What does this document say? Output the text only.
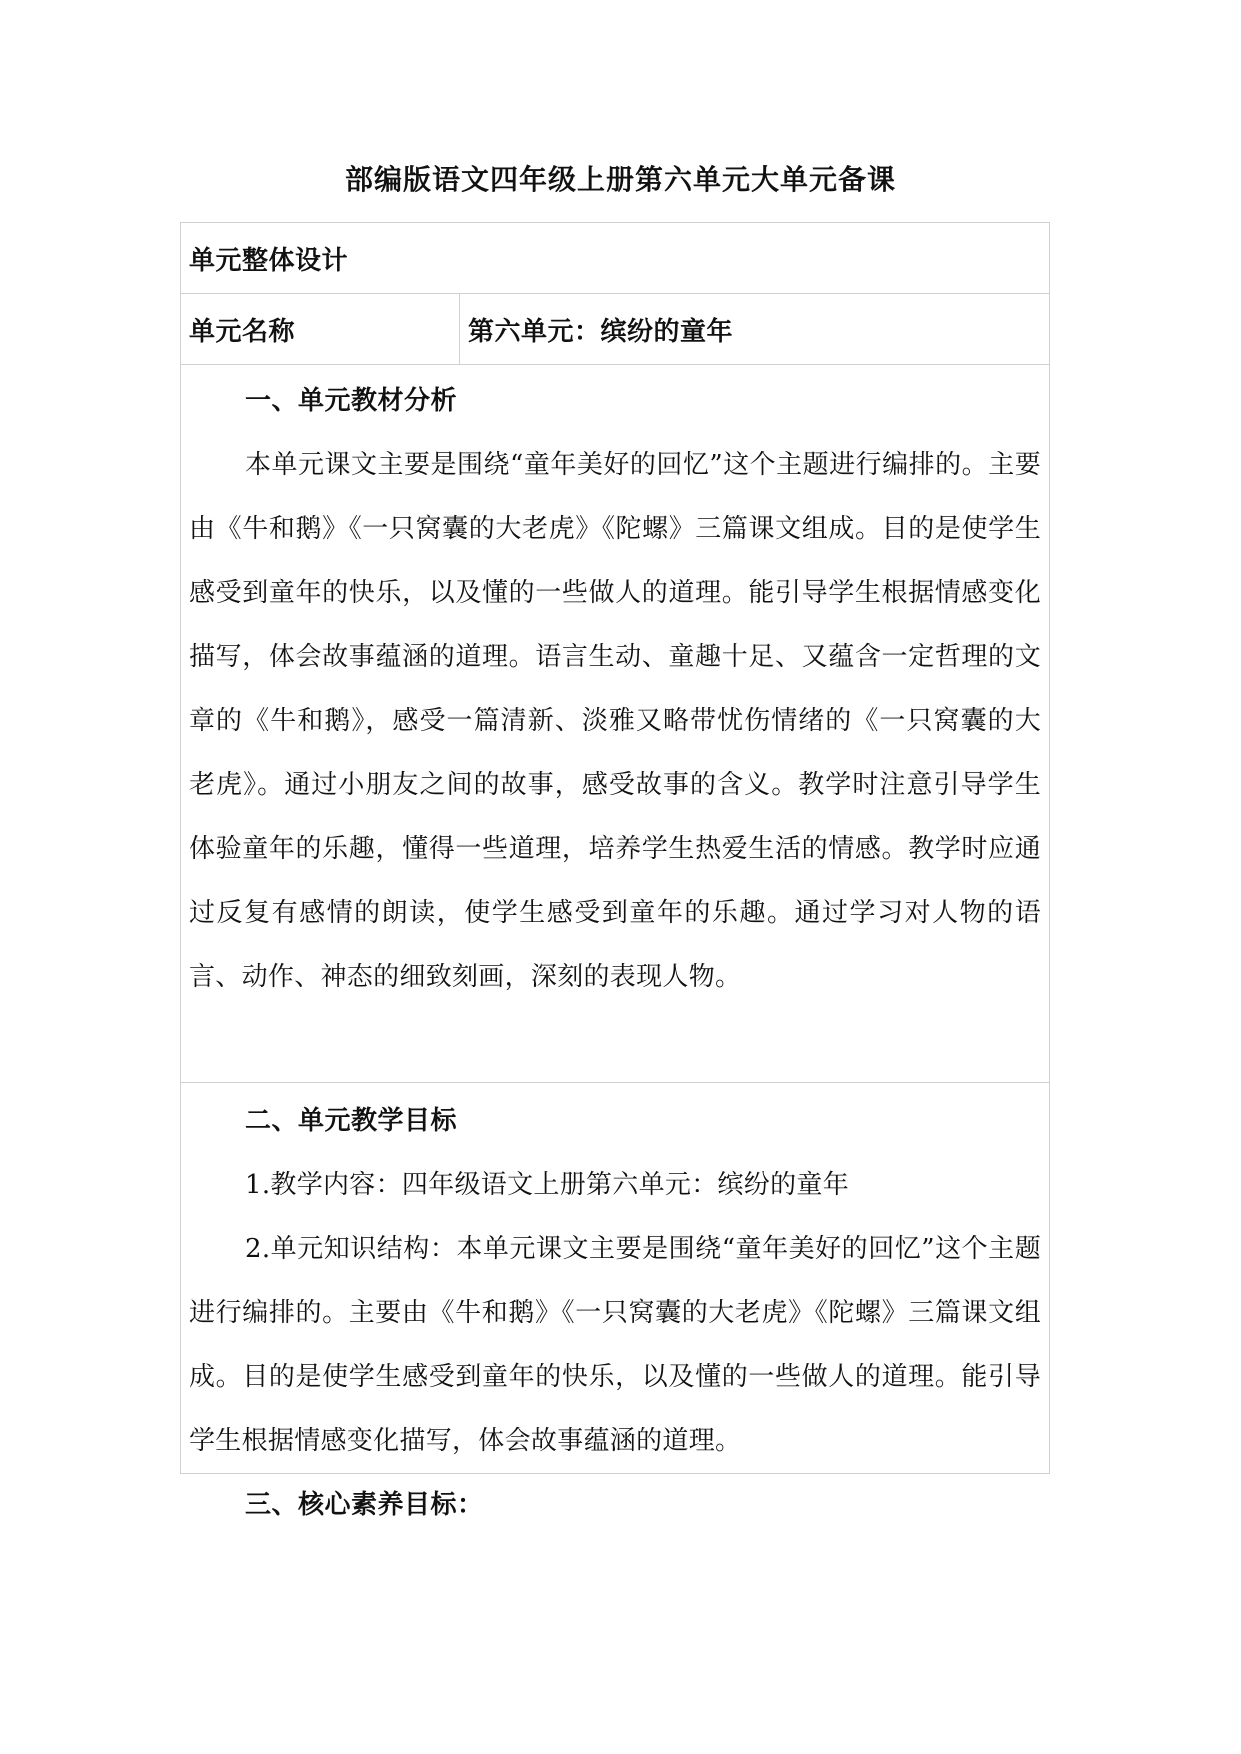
部编版语文四年级上册第六单元大单元备课
单元整体设计
单元名称	第六单元：缤纷的童年
一、单元教材分析

本单元课文主要是围绕“童年美好的回忆”这个主题进行编排的。主要由《牛和鹅》《一只窝囊的大老虎》《陀螺》三篇课文组成。目的是使学生感受到童年的快乐，以及懂的一些做人的道理。能引导学生根据情感变化描写，体会故事蕴涵的道理。语言生动、童趣十足、又蕴含一定哲理的文章的《牛和鹅》，感受一篇清新、淡雅又略带忧伤情绪的《一只窝囊的大老虎》。通过小朋友之间的故事，感受故事的含义。教学时注意引导学生体验童年的乐趣，懂得一些道理，培养学生热爱生活的情感。教学时应通过反复有感情的朗读，使学生感受到童年的乐趣。通过学习对人物的语言、动作、神态的细致刻画，深刻的表现人物。

二、单元教学目标

1.教学内容：四年级语文上册第六单元：缤纷的童年

2.单元知识结构：本单元课文主要是围绕“童年美好的回忆”这个主题进行编排的。主要由《牛和鹅》《一只窝囊的大老虎》《陀螺》三篇课文组成。目的是使学生感受到童年的快乐，以及懂的一些做人的道理。能引导学生根据情感变化描写，体会故事蕴涵的道理。

三、核心素养目标：
